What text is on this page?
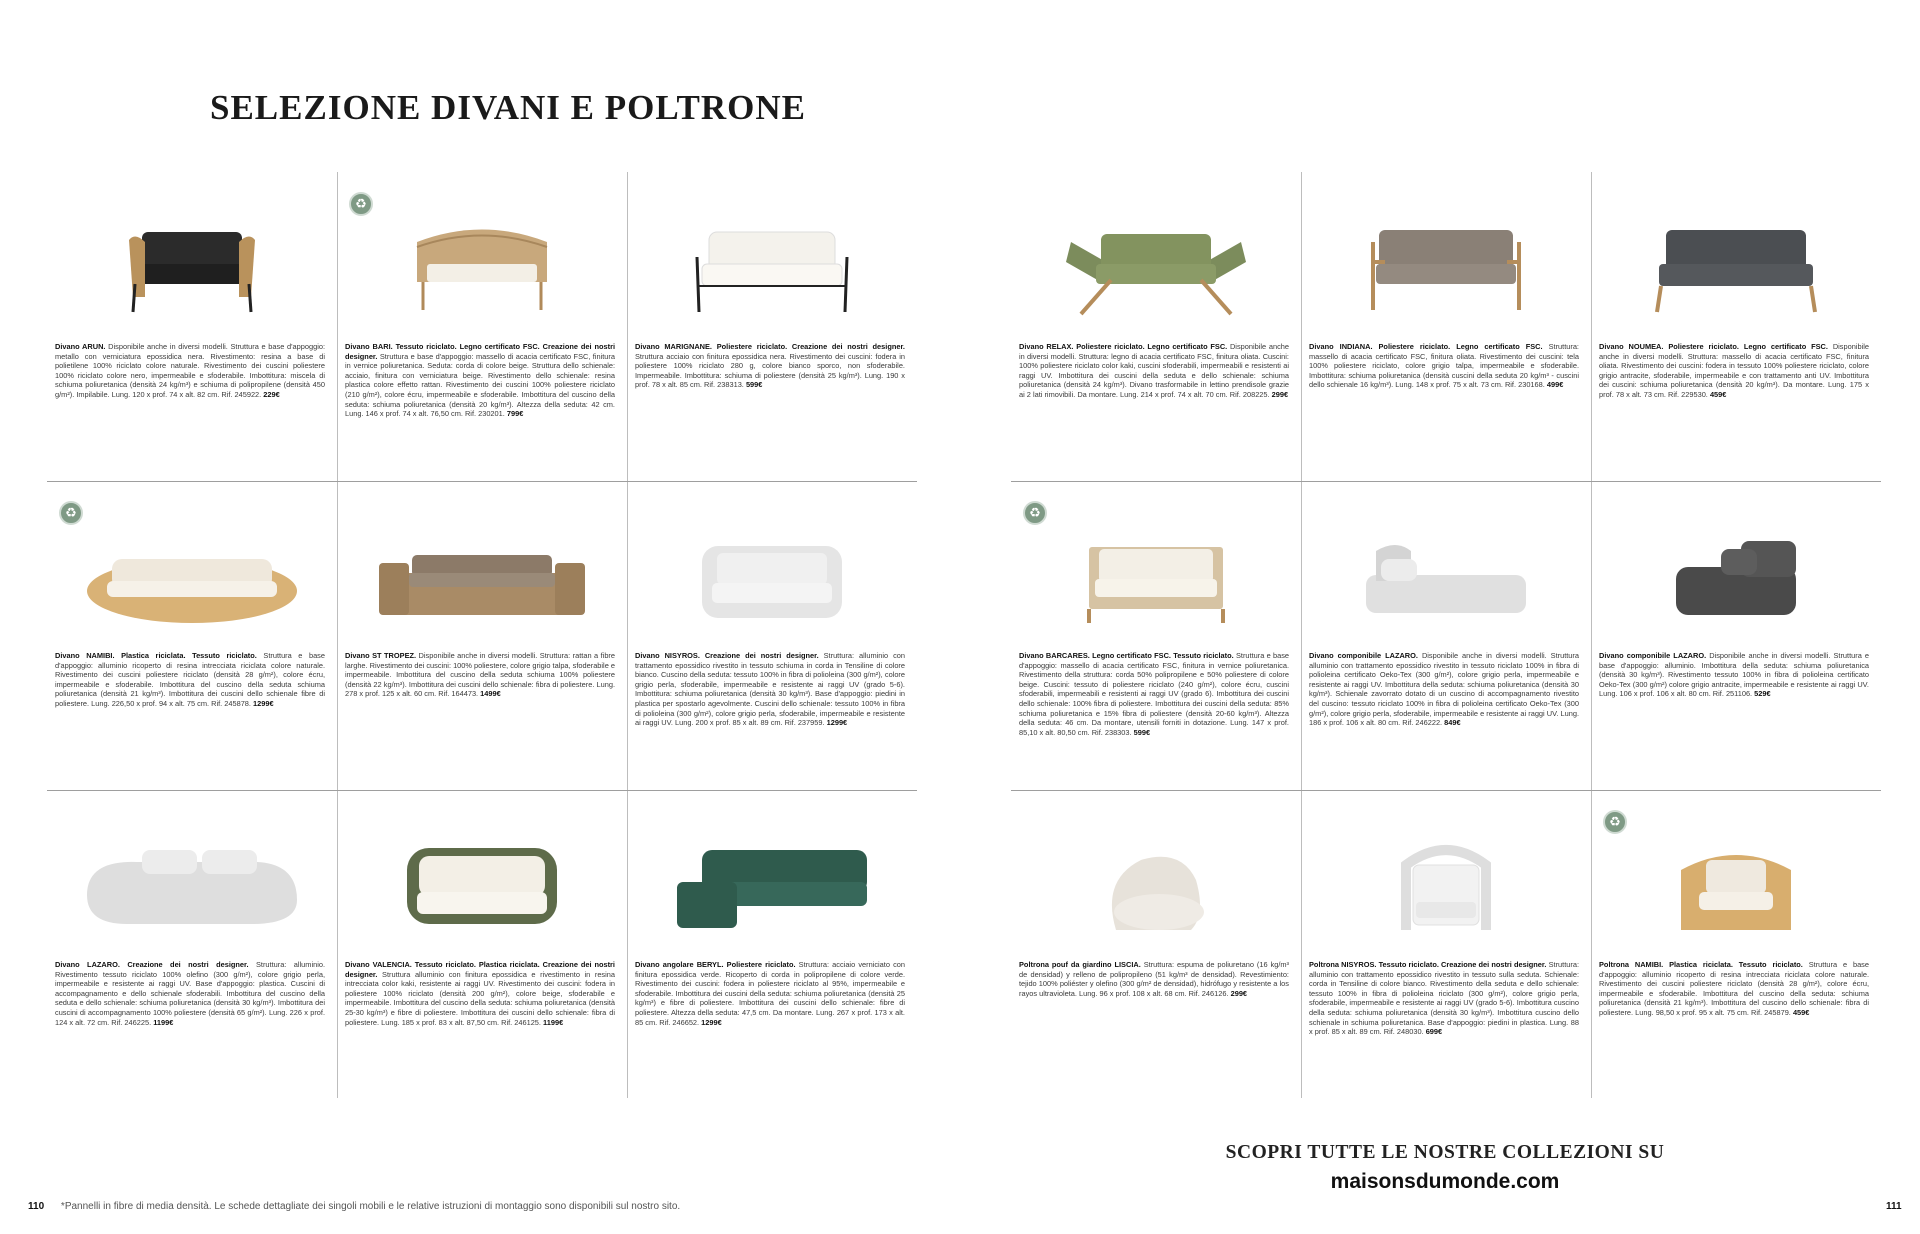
SELEZIONE DIVANI E POLTRONE
Divano ARUN. Disponibile anche in diversi modelli. Struttura e base d'appoggio: metallo con verniciatura epossidica nera. Rivestimento: resina a base di polietilene 100% riciclato colore naturale. Rivestimento dei cuscini poliestere 100% riciclato colore nero, impermeabile e sfoderabile. Imbottitura: miscela di schiuma poliuretanica (densità 24 kg/m³) e schiuma di polipropilene (densità 450 g/m²). Impilabile. Lung. 120 x prof. 74 x alt. 82 cm. Rif. 245922. 229€
♻
Divano BARI. Tessuto riciclato. Legno certificato FSC. Creazione dei nostri designer. Struttura e base d'appoggio: massello di acacia certificato FSC, finitura in vernice poliuretanica. Seduta: corda di colore beige. Struttura dello schienale: acciaio, finitura con verniciatura beige. Rivestimento dello schienale: resina plastica colore effetto rattan. Rivestimento dei cuscini 100% poliestere riciclato (210 g/m²), colore écru, impermeabile e sfoderabile. Imbottitura del cuscino della seduta: schiuma poliuretanica (densità 20 kg/m³). Altezza della seduta: 42 cm. Lung. 146 x prof. 74 x alt. 76,50 cm. Rif. 230201. 799€
Divano MARIGNANE. Poliestere riciclato. Creazione dei nostri designer. Struttura acciaio con finitura epossidica nera. Rivestimento dei cuscini: fodera in poliestere 100% riciclato 280 g, colore bianco sporco, non sfoderabile. Impermeabile. Imbottitura: schiuma di poliestere (densità 25 kg/m³). Lung. 190 x prof. 78 x alt. 85 cm. Rif. 238313. 599€
♻
Divano NAMIBI. Plastica riciclata. Tessuto riciclato. Struttura e base d'appoggio: alluminio ricoperto di resina intrecciata riciclata colore naturale. Rivestimento dei cuscini poliestere riciclato (densità 28 g/m²), colore écru, impermeabile e sfoderabile. Imbottitura del cuscino della seduta schiuma poliuretanica (densità 21 kg/m³). Imbottitura dei cuscini dello schienale fibre di poliestere. Lung. 226,50 x prof. 94 x alt. 75 cm. Rif. 245878. 1299€
Divano ST TROPEZ. Disponibile anche in diversi modelli. Struttura: rattan a fibre larghe. Rivestimento dei cuscini: 100% poliestere, colore grigio talpa, sfoderabile e impermeabile. Imbottitura del cuscino della seduta schiuma 100% poliestere (densità 22 kg/m³). Imbottitura dei cuscini dello schienale: fibra di poliestere. Lung. 278 x prof. 125 x alt. 60 cm. Rif. 164473. 1499€
Divano NISYROS. Creazione dei nostri designer. Struttura: alluminio con trattamento epossidico rivestito in tessuto schiuma in corda in Tensiline di colore bianco. Cuscino della seduta: tessuto 100% in fibra di polioleina (300 g/m²), colore grigio perla, sfoderabile, impermeabile e resistente ai raggi UV (grado 5-6). Imbottitura: schiuma poliuretanica (densità 30 kg/m³). Base d'appoggio: piedini in plastica per spostarlo agevolmente. Cuscini dello schienale: tessuto 100% in fibra di polioleina (300 g/m²), colore grigio perla, sfoderabile, impermeabile e resistente ai raggi UV. Lung. 200 x prof. 85 x alt. 89 cm. Rif. 237959. 1299€
Divano LAZARO. Creazione dei nostri designer. Struttura: alluminio. Rivestimento tessuto riciclato 100% olefino (300 g/m²), colore grigio perla, impermeabile e resistente ai raggi UV. Base d'appoggio: plastica. Cuscini di accompagnamento e dello schienale sfoderabili. Imbottitura del cuscino della seduta e dello schienale: schiuma poliuretanica (densità 30 kg/m³). Imbottitura dei cuscini di accompagnamento 100% poliestere (densità 65 g/m²). Lung. 226 x prof. 124 x alt. 72 cm. Rif. 246225. 1199€
Divano VALENCIA. Tessuto riciclato. Plastica riciclata. Creazione dei nostri designer. Struttura alluminio con finitura epossidica e rivestimento in resina intrecciata color kaki, resistente ai raggi UV. Rivestimento dei cuscini: fodera in poliestere 100% riciclato (densità 200 g/m²), colore beige, sfoderabile e impermeabile. Imbottitura del cuscino della seduta: schiuma poliuretanica (densità 25-30 kg/m³) e fibre di poliestere. Imbottitura dei cuscini dello schienale: fibra di poliestere. Lung. 185 x prof. 83 x alt. 87,50 cm. Rif. 246125. 1199€
Divano angolare BERYL. Poliestere riciclato. Struttura: acciaio verniciato con finitura epossidica verde. Ricoperto di corda in polipropilene di colore verde. Rivestimento dei cuscini: fodera in poliestere riciclato al 95%, impermeabile e sfoderabile. Imbottitura dei cuscini della seduta: schiuma poliuretanica (densità 25 kg/m³) e fibre di poliestere. Imbottitura dei cuscini dello schienale: fibre di poliestere. Altezza della seduta: 47,5 cm. Da montare. Lung. 267 x prof. 173 x alt. 85 cm. Rif. 246652. 1299€
Divano RELAX. Poliestere riciclato. Legno certificato FSC. Disponibile anche in diversi modelli. Struttura: legno di acacia certificato FSC, finitura oliata. Cuscini: 100% poliestere riciclato color kaki, cuscini sfoderabili, impermeabili e resistenti ai raggi UV. Imbottitura dei cuscini della seduta e dello schienale: schiuma poliuretanica (densità 24 kg/m³). Divano trasformabile in lettino prendisole grazie ai 2 lati rimovibili. Da montare. Lung. 214 x prof. 74 x alt. 70 cm. Rif. 208225. 299€
Divano INDIANA. Poliestere riciclato. Legno certificato FSC. Struttura: massello di acacia certificato FSC, finitura oliata. Rivestimento dei cuscini: tela 100% poliestere riciclato, colore grigio talpa, impermeabile e sfoderabile. Imbottitura: schiuma poliuretanica (densità cuscini della seduta 20 kg/m³ - cuscini dello schienale 16 kg/m³). Lung. 148 x prof. 75 x alt. 73 cm. Rif. 230168. 499€
Divano NOUMEA. Poliestere riciclato. Legno certificato FSC. Disponibile anche in diversi modelli. Struttura: massello di acacia certificato FSC, finitura oliata. Rivestimento dei cuscini: fodera in tessuto 100% poliestere riciclato, colore grigio antracite, sfoderabile, impermeabile e con trattamento anti UV. Imbottitura dei cuscini: schiuma poliuretanica (densità 20 kg/m³). Da montare. Lung. 175 x prof. 78 x alt. 73 cm. Rif. 229530. 459€
♻
Divano BARCARES. Legno certificato FSC. Tessuto riciclato. Struttura e base d'appoggio: massello di acacia certificato FSC, finitura in vernice poliuretanica. Rivestimento della struttura: corda 50% polipropilene e 50% poliestere di colore beige. Cuscini: tessuto di poliestere riciclato (240 g/m²), colore écru, cuscini sfoderabili, impermeabili e resistenti ai raggi UV (grado 6). Imbottitura dei cuscini dello schienale: 100% fibra di poliestere. Imbottitura dei cuscini della seduta: 85% schiuma poliuretanica e 15% fibra di poliestere (densità 20-60 kg/m³). Altezza della seduta: 46 cm. Da montare, utensili forniti in dotazione. Lung. 147 x prof. 85,10 x alt. 80,50 cm. Rif. 238303. 599€
Divano componibile LAZARO. Disponibile anche in diversi modelli. Struttura alluminio con trattamento epossidico rivestito in tessuto riciclato 100% in fibra di polioleina certificato Oeko-Tex (300 g/m²), colore grigio perla, impermeabile e resistente ai raggi UV. Imbottitura della seduta: schiuma poliuretanica (densità 30 kg/m³). Schienale zavorrato dotato di un cuscino di accompagnamento rivestito del cuscino: tessuto riciclato 100% in fibra di polioleina certificato Oeko-Tex (300 g/m²), colore grigio perla, sfoderabile, impermeabile e resistente ai raggi UV. Lung. 186 x prof. 106 x alt. 80 cm. Rif. 246222. 849€
Divano componibile LAZARO. Disponibile anche in diversi modelli. Struttura e base d'appoggio: alluminio. Imbottitura della seduta: schiuma poliuretanica (densità 30 kg/m³). Rivestimento tessuto 100% in fibra di polioleina certificato Oeko-Tex (300 g/m²) colore grigio antracite, impermeabile e resistente ai raggi UV. Lung. 106 x prof. 106 x alt. 80 cm. Rif. 251106. 529€
Poltrona pouf da giardino LISCIA. Struttura: espuma de poliuretano (16 kg/m³ de densidad) y relleno de polipropileno (51 kg/m³ de densidad). Revestimiento: tejido 100% poliéster y olefino (300 g/m² de densidad), hidrófugo y resistente a los rayos ultravioleta. Lung. 96 x prof. 108 x alt. 68 cm. Rif. 246126. 299€
Poltrona NISYROS. Tessuto riciclato. Creazione dei nostri designer. Struttura: alluminio con trattamento epossidico rivestito in tessuto sulla seduta. Schienale: corda in Tensiline di colore bianco. Rivestimento della seduta e dello schienale: tessuto 100% in fibra di polioleina riciclato (300 g/m²), colore grigio perla, sfoderabile, impermeabile e resistente ai raggi UV (grado 5-6). Imbottitura cuscino della seduta: schiuma poliuretanica (densità 30 kg/m³). Imbottitura cuscino dello schienale in schiuma poliuretanica. Base d'appoggio: piedini in plastica. Lung. 88 x prof. 85 x alt. 89 cm. Rif. 248030. 699€
♻
Poltrona NAMIBI. Plastica riciclata. Tessuto riciclato. Struttura e base d'appoggio: alluminio ricoperto di resina intrecciata riciclata colore naturale. Rivestimento dei cuscini poliestere riciclato (densità 28 g/m²), colore écru, impermeabile e sfoderabile. Imbottitura del cuscino della seduta: schiuma poliuretanica (densità 21 kg/m³). Imbottitura del cuscino dello schienale: fibra di poliestere. Lung. 98,50 x prof. 95 x alt. 75 cm. Rif. 245879. 459€
SCOPRI TUTTE LE NOSTRE COLLEZIONI SU
maisonsdumonde.com
110 *Pannelli in fibre di media densità. Le schede dettagliate dei singoli mobili e le relative istruzioni di montaggio sono disponibili sul nostro sito.	111
